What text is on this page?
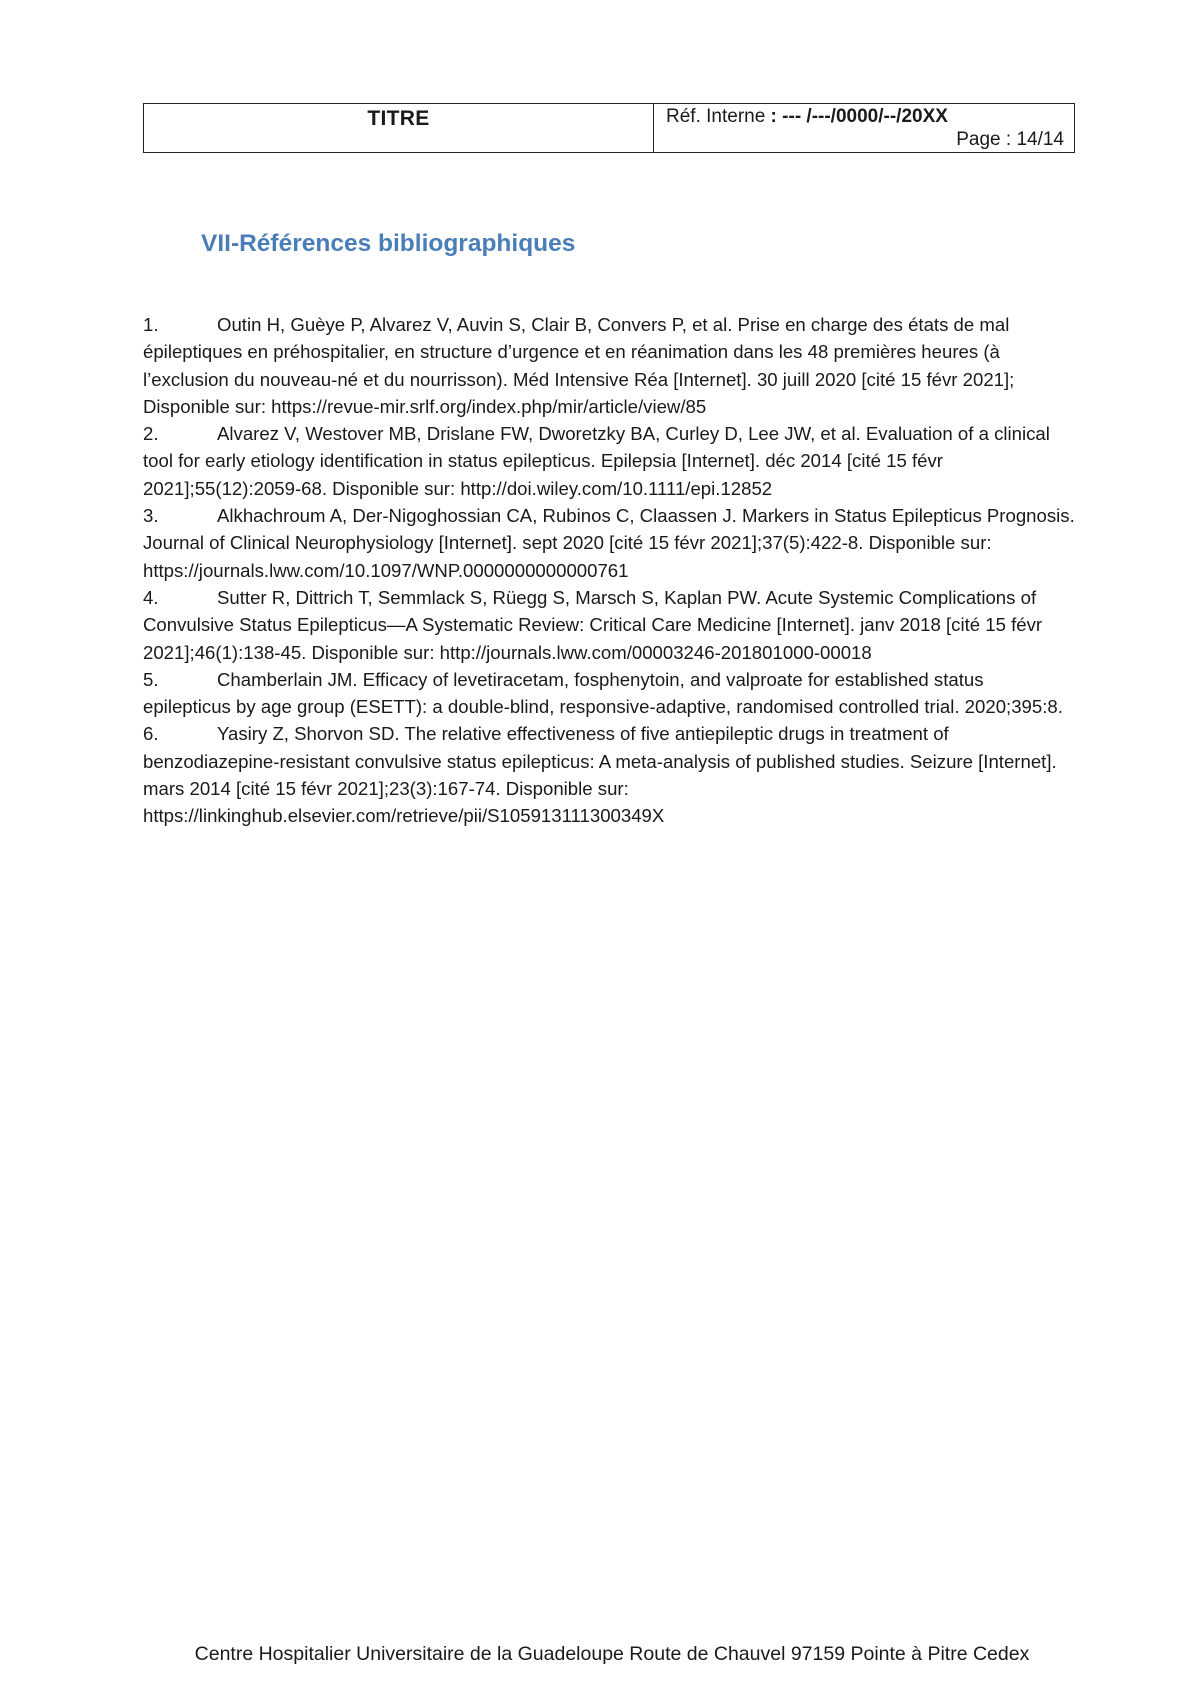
TITRE	Réf. Interne : --- /---/0000/--/20XX
Page : 14/14
VII-Références bibliographiques
1.	Outin H, Guèye P, Alvarez V, Auvin S, Clair B, Convers P, et al. Prise en charge des états de mal épileptiques en préhospitalier, en structure d’urgence et en réanimation dans les 48 premières heures (à l’exclusion du nouveau-né et du nourrisson). Méd Intensive Réa [Internet]. 30 juill 2020 [cité 15 févr 2021]; Disponible sur: https://revue-mir.srlf.org/index.php/mir/article/view/85
2.	Alvarez V, Westover MB, Drislane FW, Dworetzky BA, Curley D, Lee JW, et al. Evaluation of a clinical tool for early etiology identification in status epilepticus. Epilepsia [Internet]. déc 2014 [cité 15 févr 2021];55(12):2059-68. Disponible sur: http://doi.wiley.com/10.1111/epi.12852
3.	Alkhachroum A, Der-Nigoghossian CA, Rubinos C, Claassen J. Markers in Status Epilepticus Prognosis. Journal of Clinical Neurophysiology [Internet]. sept 2020 [cité 15 févr 2021];37(5):422-8. Disponible sur: https://journals.lww.com/10.1097/WNP.0000000000000761
4.	Sutter R, Dittrich T, Semmlack S, Rüegg S, Marsch S, Kaplan PW. Acute Systemic Complications of Convulsive Status Epilepticus—A Systematic Review: Critical Care Medicine [Internet]. janv 2018 [cité 15 févr 2021];46(1):138-45. Disponible sur: http://journals.lww.com/00003246-201801000-00018
5.	Chamberlain JM. Efficacy of levetiracetam, fosphenytoin, and valproate for established status epilepticus by age group (ESETT): a double-blind, responsive-adaptive, randomised controlled trial. 2020;395:8.
6.	Yasiry Z, Shorvon SD. The relative effectiveness of five antiepileptic drugs in treatment of benzodiazepine-resistant convulsive status epilepticus: A meta-analysis of published studies. Seizure [Internet]. mars 2014 [cité 15 févr 2021];23(3):167-74. Disponible sur: https://linkinghub.elsevier.com/retrieve/pii/S105913111300349X
Centre Hospitalier Universitaire de la Guadeloupe Route de Chauvel 97159 Pointe à Pitre Cedex
